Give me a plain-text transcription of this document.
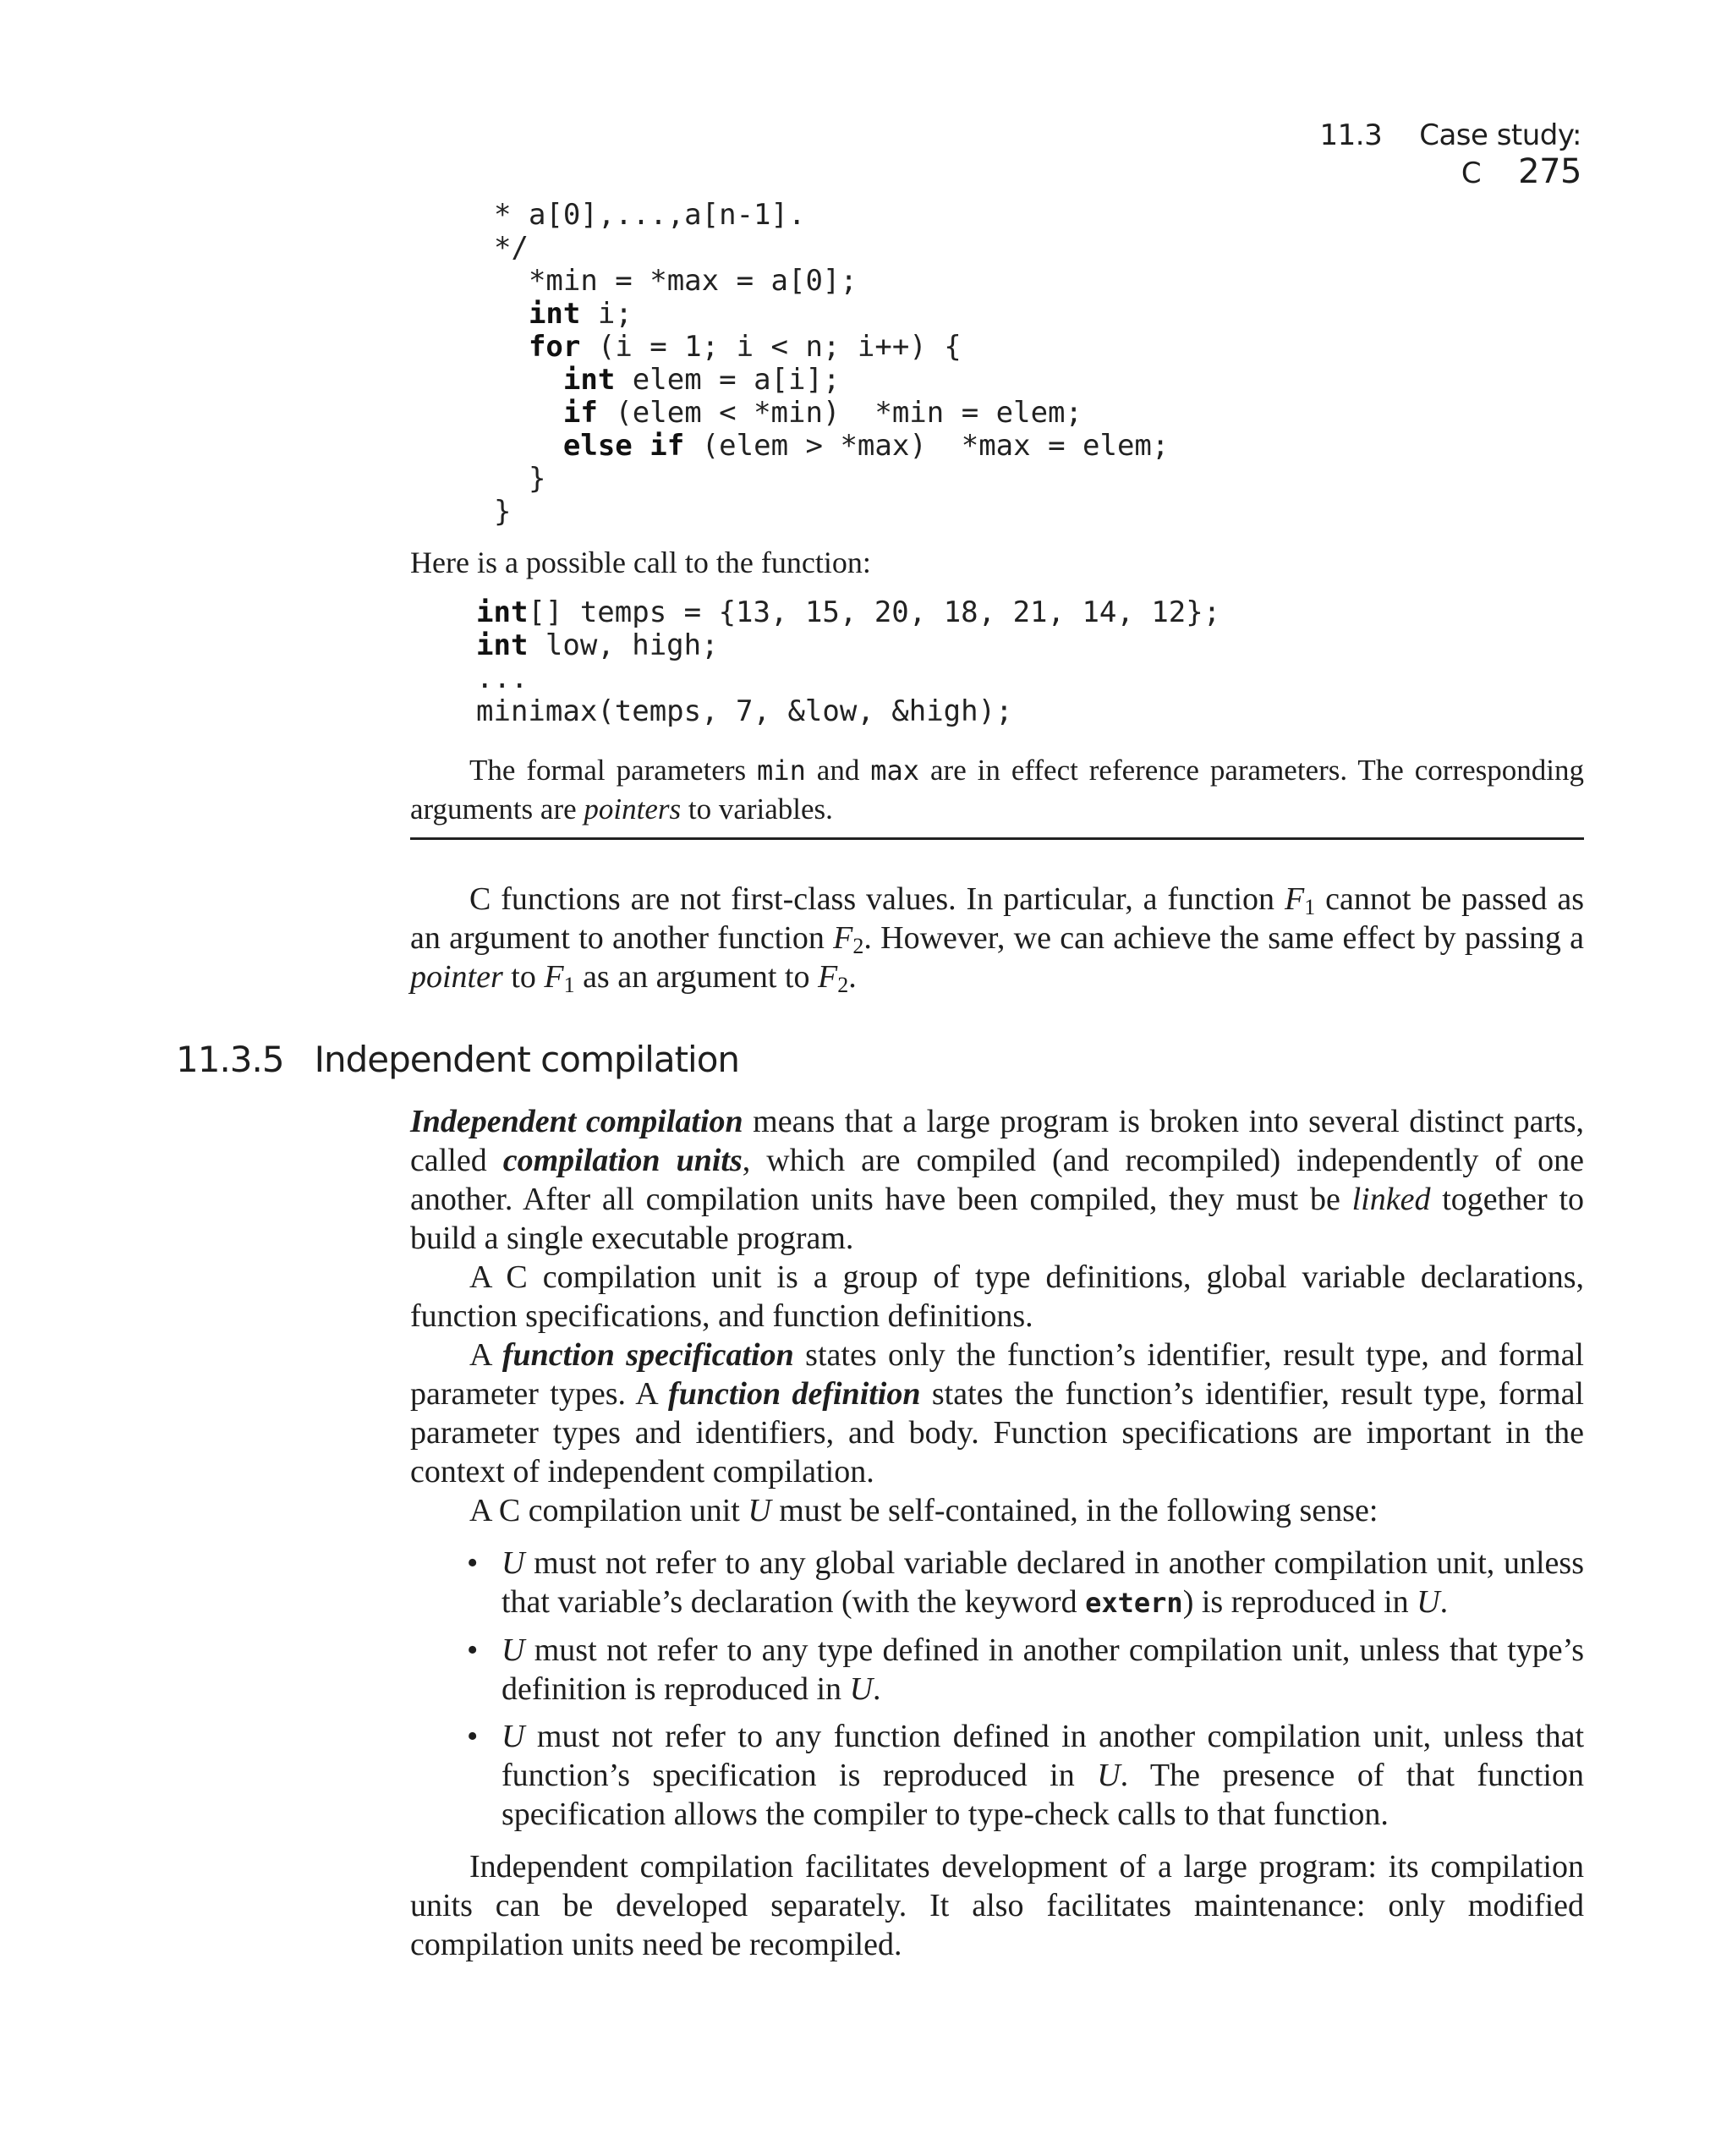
11.3 Case study: C 275
* a[0],...,a[n-1].
*/
*min = *max = a[0];
int i;
for (i = 1; i < n; i++) {
int elem = a[i];
if (elem < *min)  *min = elem;
else if (elem > *max)  *max = elem;
}
}
Here is a possible call to the function:
int[] temps = {13, 15, 20, 18, 21, 14, 12};
int low, high;
...
minimax(temps, 7, &low, &high);

The formal parameters min and max are in effect reference parameters. The corresponding arguments are pointers to variables.

C functions are not first-class values. In particular, a function $F_1$ cannot be passed as an argument to another function $F_2$. However, we can achieve the same effect by passing a pointer to $F_1$ as an argument to $F_2$.

11.3.5 Independent compilation

Independent compilation means that a large program is broken into several distinct parts, called compilation units, which are compiled (and recompiled) independently of one another. After all compilation units have been compiled, they must be linked together to build a single executable program.

A C compilation unit is a group of type definitions, global variable declarations, function specifications, and function definitions.

A function specification states only the function’s identifier, result type, and formal parameter types. A function definition states the function’s identifier, result type, formal parameter types and identifiers, and body. Function specifications are important in the context of independent compilation.

A C compilation unit U must be self-contained, in the following sense:

• U must not refer to any global variable declared in another compilation unit, unless that variable’s declaration (with the keyword extern) is reproduced in U.
• U must not refer to any type defined in another compilation unit, unless that type’s definition is reproduced in U.
• U must not refer to any function defined in another compilation unit, unless that function’s specification is reproduced in U. The presence of that function specification allows the compiler to type-check calls to that function.

Independent compilation facilitates development of a large program: its compilation units can be developed separately. It also facilitates maintenance: only modified compilation units need be recompiled.
